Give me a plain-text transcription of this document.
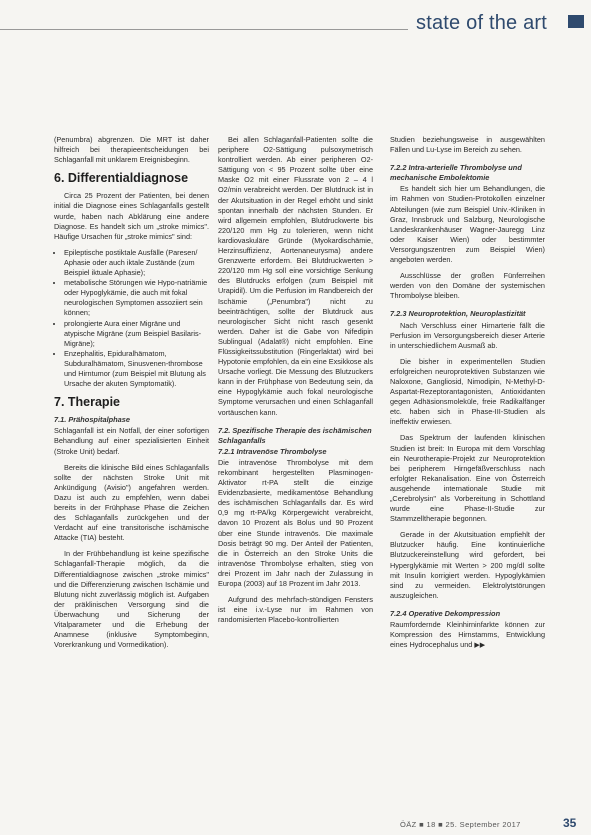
state of the art

(Penumbra) abgrenzen. Die MRT ist daher hilfreich bei therapieentscheidungen bei Schlaganfall mit unklarem Ereignisbeginn.

6. Differentialdiagnose

Circa 25 Prozent der Patienten, bei denen initial die Diagnose eines Schlaganfalls gestellt wurde, haben nach Abklärung eine andere Diagnose. Es handelt sich um „stroke mimics". Häufige Ursachen für „stroke mimics" sind:

• Epileptische postiktale Ausfälle (Paresen/ Aphasie oder auch iktale Zustände (zum Beispiel iktuale Aphasie);
• metabolische Störungen wie Hypo-natriämie oder Hypoglykämie, die auch mit fokal neurologischen Symptomen assoziiert sein können;
• prolongierte Aura einer Migräne und atypische Migräne (zum Beispiel Basilaris-Migräne);
• Enzephalitis, Epiduralhämatom, Subduralhämatom, Sinusvenen-thrombose und Hirntumor (zum Beispiel mit Blutung als Ursache der akuten Symptomatik).
7. Therapie
7.1. Prähospitalphase

Schlaganfall ist ein Notfall, der einer sofortigen Behandlung auf einer spezialisierten Einheit (Stroke Unit) bedarf.

Bereits die klinische Bild eines Schlaganfalls sollte der nächsten Stroke Unit mit Ankündigung (Avisio") angefahren werden. Dazu ist auch zu empfehlen, wenn dabei bereits in der Frühphase Phase die Zeichen des Schlaganfalls zurückgehen und der Verdacht auf eine transitorische ischämische Attacke (TIA) besteht.

In der Frühbehandlung ist keine spezifische Schlaganfall-Therapie möglich, da die Differentialdiagnose zwischen „stroke mimics" und die Differenzierung zwischen Ischämie und Blutung nicht zuverlässig möglich ist. Aufgaben der präklinischen Versorgung sind die Überwachung und Sicherung der Vitalparameter und die Erhebung der Anamnese (inklusive Symptombeginn, Vorerkrankung und Vormedikation).

Bei allen Schlaganfall-Patienten sollte die periphere O2-Sättigung pulsoxymetrisch kontrolliert werden. Ab einer peripheren O2-Sättigung von < 95 Prozent sollte über eine Maske O2 mit einer Flussrate von 2 – 4 l O2/min verabreicht werden. Der Blutdruck ist in der Akutsituation in der Regel erhöht und sinkt spontan innerhalb der nächsten Stunden. Er wird allgemein empfohlen, Blutdruckwerte bis 220/120 mm Hg zu tolerieren, wenn nicht kardiovaskuläre Gründe (Myokardischämie, Herzinsuffizienz, Aortenaneurysma) andere Grenzwerte erfordern. Bei Blutdruckwerten > 220/120 mm Hg soll eine vorsichtige Senkung des Blutdrucks erfolgen (zum Beispiel mit Urapidil). Um die Perfusion im Randbereich der Ischämie („Penumbra") nicht zu beeinträchtigen, sollte der Blutdruck aus neurologischer Sicht nicht rasch gesenkt werden. Daher ist die Gabe von Nifedipin Sublingual (Adalat®) nicht empfohlen. Eine Flüssigkeitssubstitution (Ringerlaktat) wird bei Hypotonie empfohlen, da ein eine Exsikkose als Ursache vorliegt. Die Messung des Blutzuckers kann in der Frühphase von Bedeutung sein, da eine Hypoglykämie auch fokal neurologische Symptome verursachen und einen Schlaganfall vortäuschen kann.

7.2. Spezifische Therapie des ischämischen Schlaganfalls
7.2.1 Intravenöse Thrombolyse

Die intravenöse Thrombolyse mit dem rekombinant hergestellten Plasminogen-Aktivator rt-PA stellt die einzige Evidenzbasierte, medikamentöse Behandlung des ischämischen Schlaganfalls dar. Es wird 0,9 mg rt-PA/kg Körpergewicht verabreicht, davon 10 Prozent als Bolus und 90 Prozent über eine Stunde intravenös. Die maximale Dosis beträgt 90 mg. Der Anteil der Patienten, die in Österreich an den Stroke Units die intravenöse Thrombolyse erhalten, stieg von drei Prozent im Jahr nach der Zulassung in Europa (2003) auf 18 Prozent im Jahr 2013.

Aufgrund des mehrfach-stündigen Fensters ist eine i.v.-Lyse nur im Rahmen von randomisierten Placebo-kontrollierten

Studien beziehungsweise in ausgewählten Fällen und Lu-Lyse im Bereich zu sehen.

7.2.2 Intra-arterielle Thrombolyse und mechanische Embolektomie

Es handelt sich hier um Behandlungen, die im Rahmen von Studien-Protokollen einzelner Abteilungen (wie zum Beispiel Univ.-Kliniken in Graz, Innsbruck und Salzburg, Neurologische Landeskrankenhäuser Wagner-Jauregg Linz oder Kaiser Wien) oder bestimmter Versorgungszentren zum Beispiel Wien) angeboten werden.

Ausschlüsse der großen Fünferreihen werden von den Domäne der systemischen Thrombolyse bleiben.

7.2.3 Neuroprotektion, Neuroplastizität

Nach Verschluss einer Hirnarterie fällt die Perfusion im Versorgungsbereich dieser Arterie in unterschiedlichem Ausmaß ab.

Die bisher in experimentellen Studien erfolgreichen neuroprotektiven Substanzen wie Naloxone, Gangliosid, Nimodipin, N-Methyl-D-Aspartat-Rezeptorantagonisten, Antioxidanten gegen Adhäsionsmoleküle, freie Radikalfänger etc. haben sich in Phase-III-Studien als ineffektiv erwiesen.

Das Spektrum der laufenden klinischen Studien ist breit: In Europa mit dem Vorschlag ein Neurotherapie-Projekt zur Neuroprotektion bei peripherem Hirngefäßverschluss nach erfolgter Rekanalisation. Eine von Österreich ausgehende internationale Studie mit „Cerebrolysin" als Vorbereitung in Schottland wurde eine Phase-II-Studie zur Stammzelltherapie begonnen.

Gerade in der Akutsituation empfiehlt der Blutzucker häufig. Eine kontinuierliche Blutzuckereinstellung wird gefordert, bei Hyperglykämie mit Werten > 200 mg/dl sollte mit Insulin korrigiert werden. Hypoglykämien sind zu vermeiden. Elektrolytstörungen auszugleichen.

7.2.4 Operative Dekompression

Raumfordernde Kleinhirninfarkte können zur Kompression des Hirnstamms, Entwicklung eines Hydrocephalus und ▶▶

ÖÄZ ■ 18 ■ 25. September 2017	35
